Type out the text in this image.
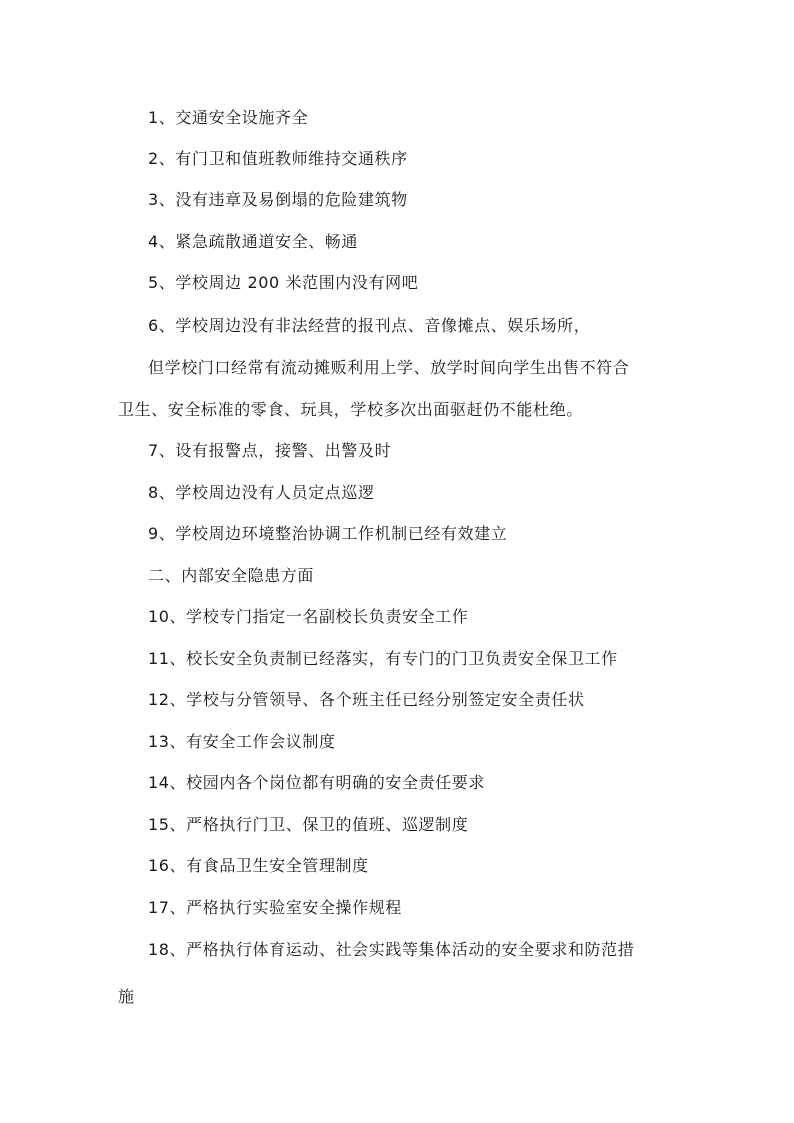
1、交通安全设施齐全
2、有门卫和值班教师维持交通秩序
3、没有违章及易倒塌的危险建筑物
4、紧急疏散通道安全、畅通
5、学校周边 200 米范围内没有网吧
6、学校周边没有非法经营的报刊点、音像摊点、娱乐场所，
但学校门口经常有流动摊贩利用上学、放学时间向学生出售不符合
卫生、安全标准的零食、玩具，学校多次出面驱赶仍不能杜绝。
7、设有报警点，接警、出警及时
8、学校周边没有人员定点巡逻
9、学校周边环境整治协调工作机制已经有效建立
二、内部安全隐患方面
10、学校专门指定一名副校长负责安全工作
11、校长安全负责制已经落实，有专门的门卫负责安全保卫工作
12、学校与分管领导、各个班主任已经分别签定安全责任状
13、有安全工作会议制度
14、校园内各个岗位都有明确的安全责任要求
15、严格执行门卫、保卫的值班、巡逻制度
16、有食品卫生安全管理制度
17、严格执行实验室安全操作规程
18、严格执行体育运动、社会实践等集体活动的安全要求和防范措
施
